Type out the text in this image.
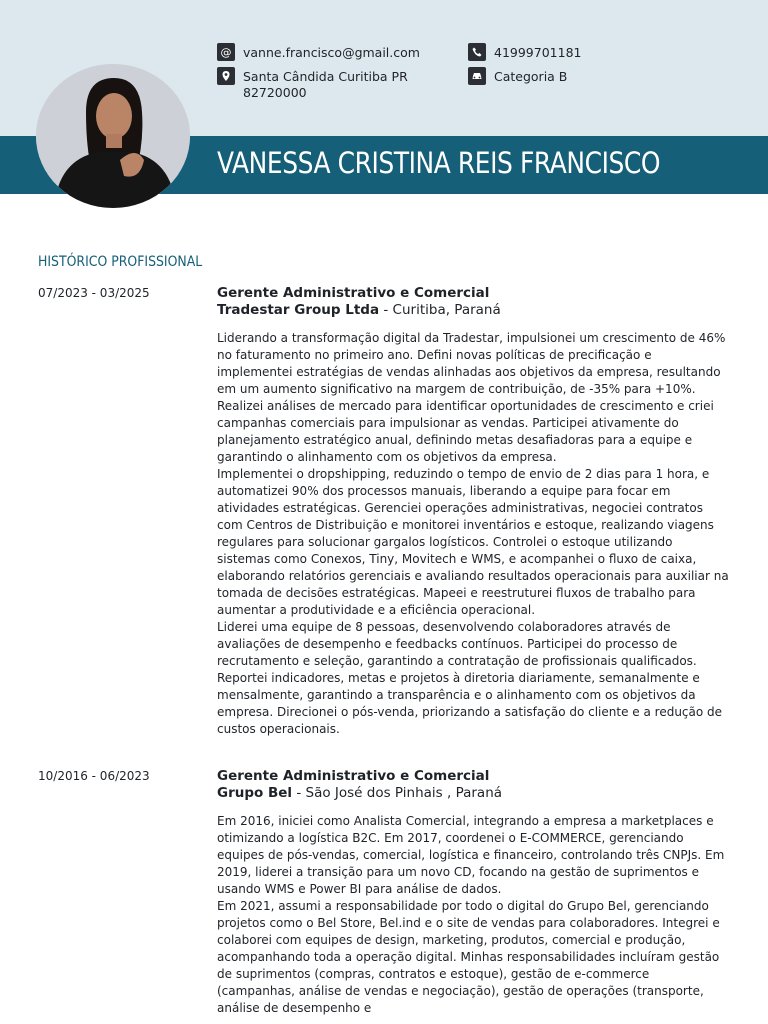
@ vanne.francisco@gmail.com	41999701181
Santa Cândida Curitiba PR
82720000
Categoria B
VANESSA CRISTINA REIS FRANCISCO
HISTÓRICO PROFISSIONAL
07/2023 - 03/2025	Gerente Administrativo e Comercial
Tradestar Group Ltda - Curitiba, Paraná

Liderando a transformação digital da Tradestar, impulsionei um crescimento de 46% no faturamento no primeiro ano. Defini novas políticas de precificação e implementei estratégias de vendas alinhadas aos objetivos da empresa, resultando em um aumento significativo na margem de contribuição, de -35% para +10%. Realizei análises de mercado para identificar oportunidades de crescimento e criei campanhas comerciais para impulsionar as vendas. Participei ativamente do planejamento estratégico anual, definindo metas desafiadoras para a equipe e garantindo o alinhamento com os objetivos da empresa.

Implementei o dropshipping, reduzindo o tempo de envio de 2 dias para 1 hora, e automatizei 90% dos processos manuais, liberando a equipe para focar em atividades estratégicas. Gerenciei operações administrativas, negociei contratos com Centros de Distribuição e monitorei inventários e estoque, realizando viagens regulares para solucionar gargalos logísticos. Controlei o estoque utilizando sistemas como Conexos, Tiny, Movitech e WMS, e acompanhei o fluxo de caixa, elaborando relatórios gerenciais e avaliando resultados operacionais para auxiliar na tomada de decisões estratégicas. Mapeei e reestruturei fluxos de trabalho para aumentar a produtividade e a eficiência operacional.

Liderei uma equipe de 8 pessoas, desenvolvendo colaboradores através de avaliações de desempenho e feedbacks contínuos. Participei do processo de recrutamento e seleção, garantindo a contratação de profissionais qualificados. Reportei indicadores, metas e projetos à diretoria diariamente, semanalmente e mensalmente, garantindo a transparência e o alinhamento com os objetivos da empresa. Direcionei o pós-venda, priorizando a satisfação do cliente e a redução de custos operacionais.

10/2016 - 06/2023	Gerente Administrativo e Comercial
Grupo Bel - São José dos Pinhais , Paraná

Em 2016, iniciei como Analista Comercial, integrando a empresa a marketplaces e otimizando a logística B2C. Em 2017, coordenei o E-COMMERCE, gerenciando equipes de pós-vendas, comercial, logística e financeiro, controlando três CNPJs. Em 2019, liderei a transição para um novo CD, focando na gestão de suprimentos e usando WMS e Power BI para análise de dados.

Em 2021, assumi a responsabilidade por todo o digital do Grupo Bel, gerenciando projetos como o Bel Store, Bel.ind e o site de vendas para colaboradores. Integrei e colaborei com equipes de design, marketing, produtos, comercial e produção, acompanhando toda a operação digital. Minhas responsabilidades incluíram gestão de suprimentos (compras, contratos e estoque), gestão de e-commerce (campanhas, análise de vendas e negociação), gestão de operações (transporte, análise de desempenho e
